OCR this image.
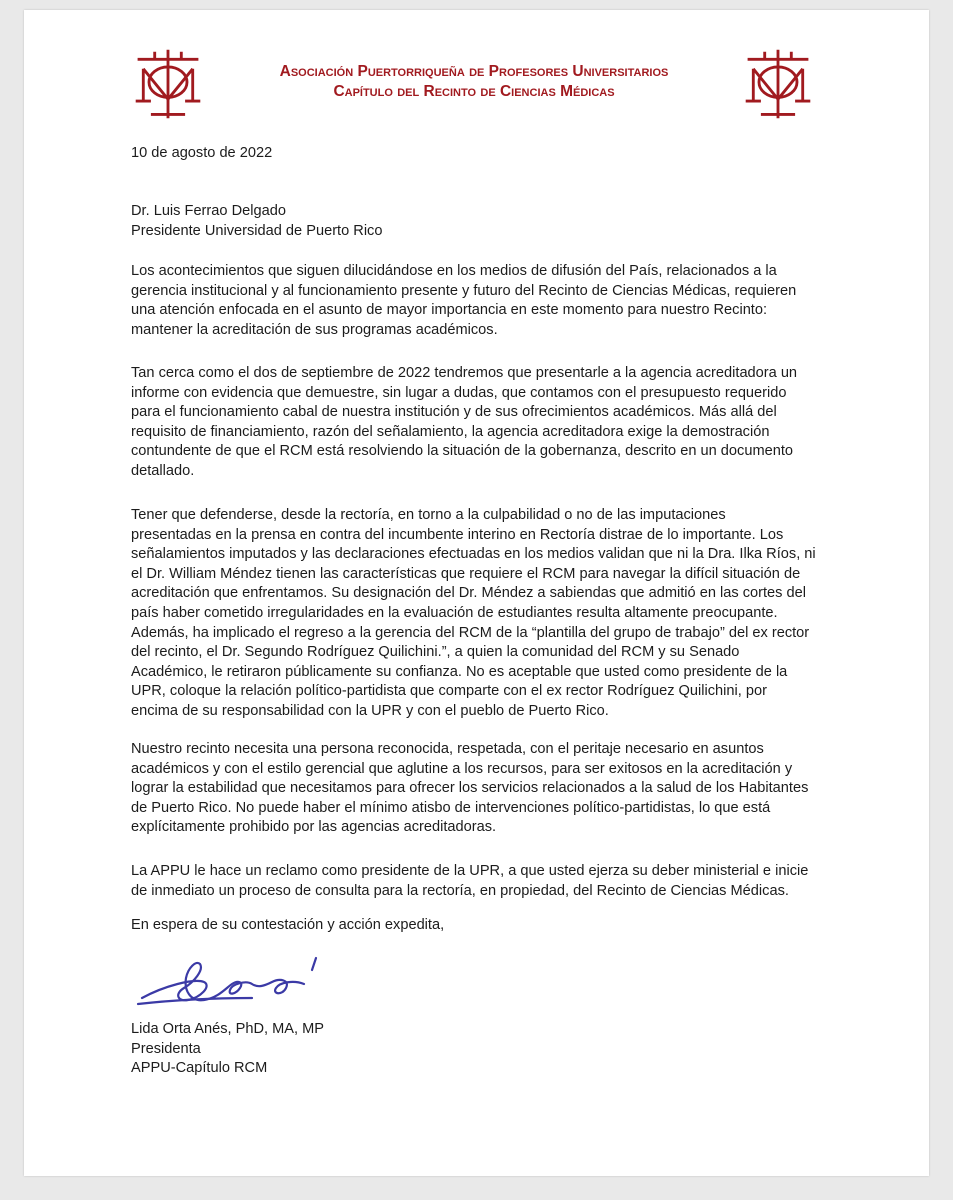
Asociación Puertorriqueña de Profesores Universitarios
Capítulo del Recinto de Ciencias Médicas
10 de agosto de 2022
Dr. Luis Ferrao Delgado
Presidente Universidad de Puerto Rico

Los acontecimientos que siguen dilucidándose en los medios de difusión del País, relacionados a la
gerencia institucional y al funcionamiento presente y futuro del Recinto de Ciencias Médicas, requieren
una atención enfocada en el asunto de mayor importancia en este momento para nuestro Recinto:
mantener la acreditación de sus programas académicos.

Tan cerca como el dos de septiembre de 2022 tendremos que presentarle a la agencia acreditadora un
informe con evidencia que demuestre, sin lugar a dudas, que contamos con el presupuesto requerido
para el funcionamiento cabal de nuestra institución y de sus ofrecimientos académicos. Más allá del
requisito de financiamiento, razón del señalamiento, la agencia acreditadora exige la demostración
contundente de que el RCM está resolviendo la situación de la gobernanza, descrito en un documento
detallado.

Tener que defenderse, desde la rectoría, en torno a la culpabilidad o no de las imputaciones
presentadas en la prensa en contra del incumbente interino en Rectoría distrae de lo importante. Los
señalamientos imputados y las declaraciones efectuadas en los medios validan que ni la Dra. Ilka Ríos, ni
el Dr. William Méndez tienen las características que requiere el RCM para navegar la difícil situación de
acreditación que enfrentamos. Su designación del Dr. Méndez a sabiendas que admitió en las cortes del
país haber cometido irregularidades en la evaluación de estudiantes resulta altamente preocupante.
Además, ha implicado el regreso a la gerencia del RCM de la “plantilla del grupo de trabajo” del ex rector
del recinto, el Dr. Segundo Rodríguez Quilichini.”, a quien la comunidad del RCM y su Senado
Académico, le retiraron públicamente su confianza. No es aceptable que usted como presidente de la
UPR, coloque la relación político-partidista que comparte con el ex rector Rodríguez Quilichini, por
encima de su responsabilidad con la UPR y con el pueblo de Puerto Rico.

Nuestro recinto necesita una persona reconocida, respetada, con el peritaje necesario en asuntos
académicos y con el estilo gerencial que aglutine a los recursos, para ser exitosos en la acreditación y
lograr la estabilidad que necesitamos para ofrecer los servicios relacionados a la salud de los Habitantes
de Puerto Rico. No puede haber el mínimo atisbo de intervenciones político-partidistas, lo que está
explícitamente prohibido por las agencias acreditadoras.

La APPU le hace un reclamo como presidente de la UPR, a que usted ejerza su deber ministerial e inicie
de inmediato un proceso de consulta para la rectoría, en propiedad, del Recinto de Ciencias Médicas.

En espera de su contestación y acción expedita,
Lida Orta Anés, PhD, MA, MP
Presidenta
APPU-Capítulo RCM
